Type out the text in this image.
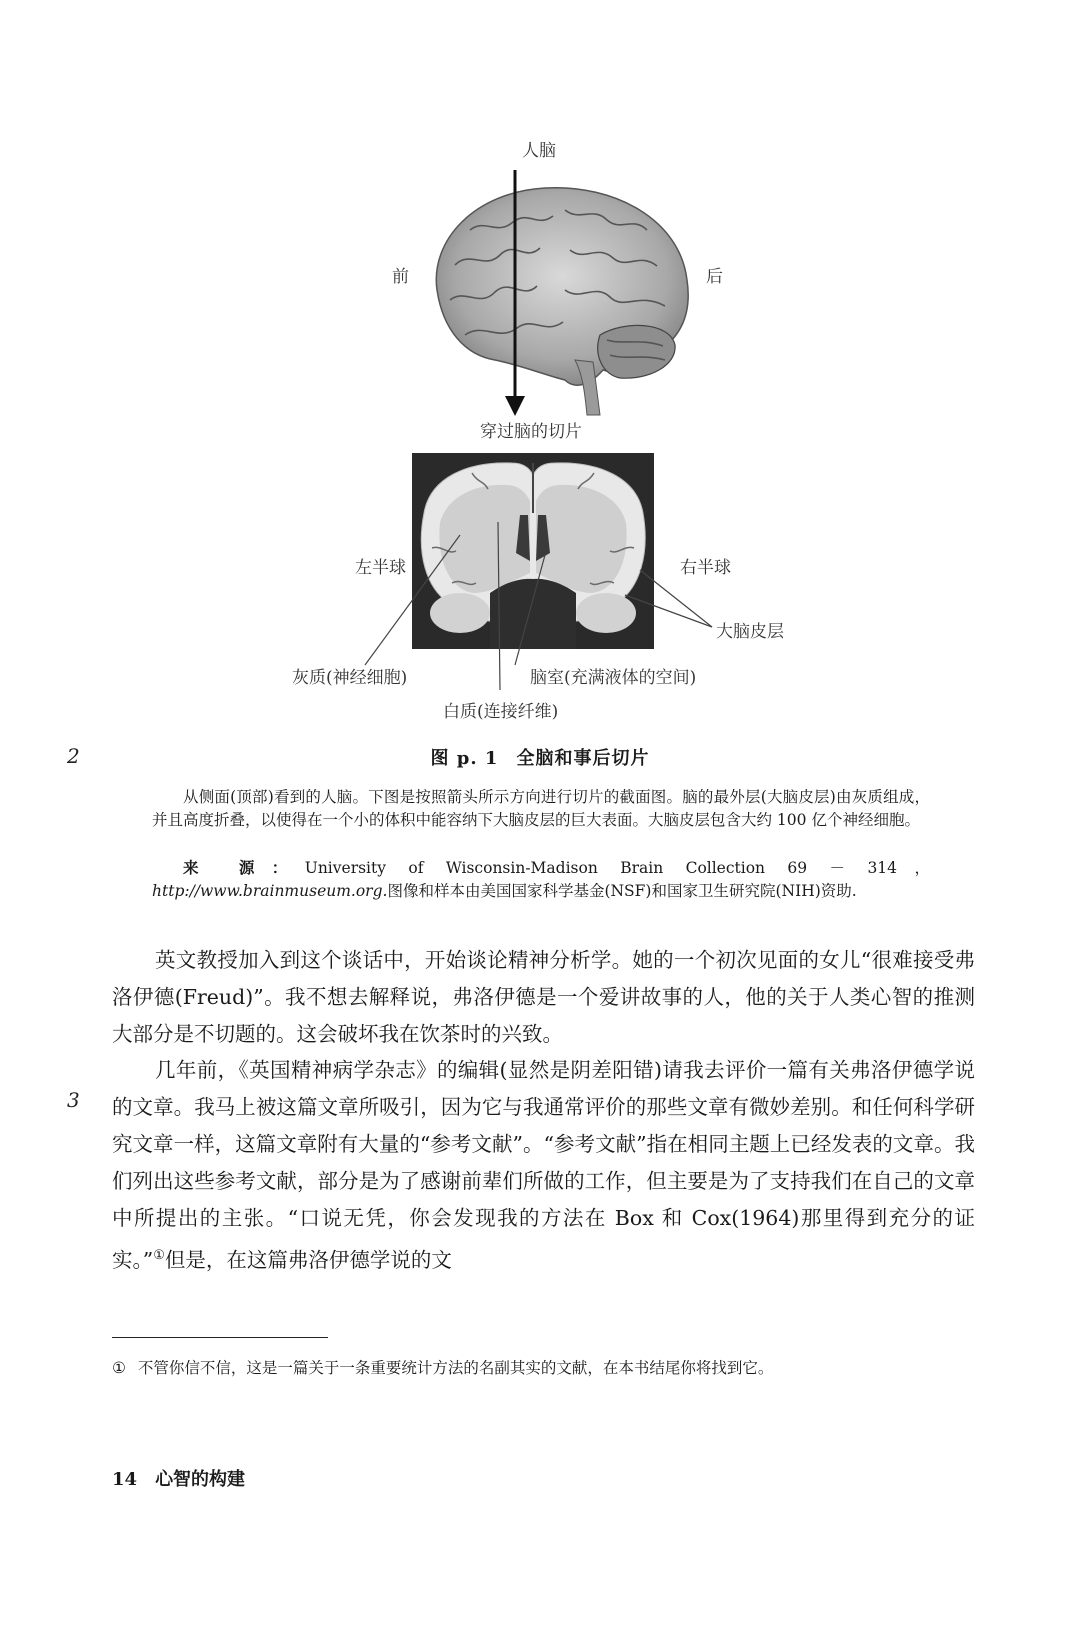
人脑
前	后
穿过脑的切片
左半球	右半球
大脑皮层
灰质(神经细胞)	脑室(充满液体的空间)
白质(连接纤维)
2	图 p. 1 全脑和事后切片
从侧面(顶部)看到的人脑。下图是按照箭头所示方向进行切片的截面图。脑的最外层(大脑皮层)由灰质组成，并且高度折叠，以使得在一个小的体积中能容纳下大脑皮层的巨大表面。大脑皮层包含大约 100 亿个神经细胞。
来 源：University of Wisconsin-Madison Brain Collection 69 － 314，http://www.brainmuseum.org.图像和样本由美国国家科学基金(NSF)和国家卫生研究院(NIH)资助.
英文教授加入到这个谈话中，开始谈论精神分析学。她的一个初次见面的女儿“很难接受弗洛伊德(Freud)”。我不想去解释说，弗洛伊德是一个爱讲故事的人，他的关于人类心智的推测大部分是不切题的。这会破坏我在饮茶时的兴致。
3
几年前，《英国精神病学杂志》的编辑(显然是阴差阳错)请我去评价一篇有关弗洛伊德学说的文章。我马上被这篇文章所吸引，因为它与我通常评价的那些文章有微妙差别。和任何科学研究文章一样，这篇文章附有大量的“参考文献”。“参考文献”指在相同主题上已经发表的文章。我们列出这些参考文献，部分是为了感谢前辈们所做的工作，但主要是为了支持我们在自己的文章中所提出的主张。“口说无凭，你会发现我的方法在 Box 和 Cox(1964)那里得到充分的证实。”①但是，在这篇弗洛伊德学说的文
① 不管你信不信，这是一篇关于一条重要统计方法的名副其实的文献，在本书结尾你将找到它。
14 心智的构建
